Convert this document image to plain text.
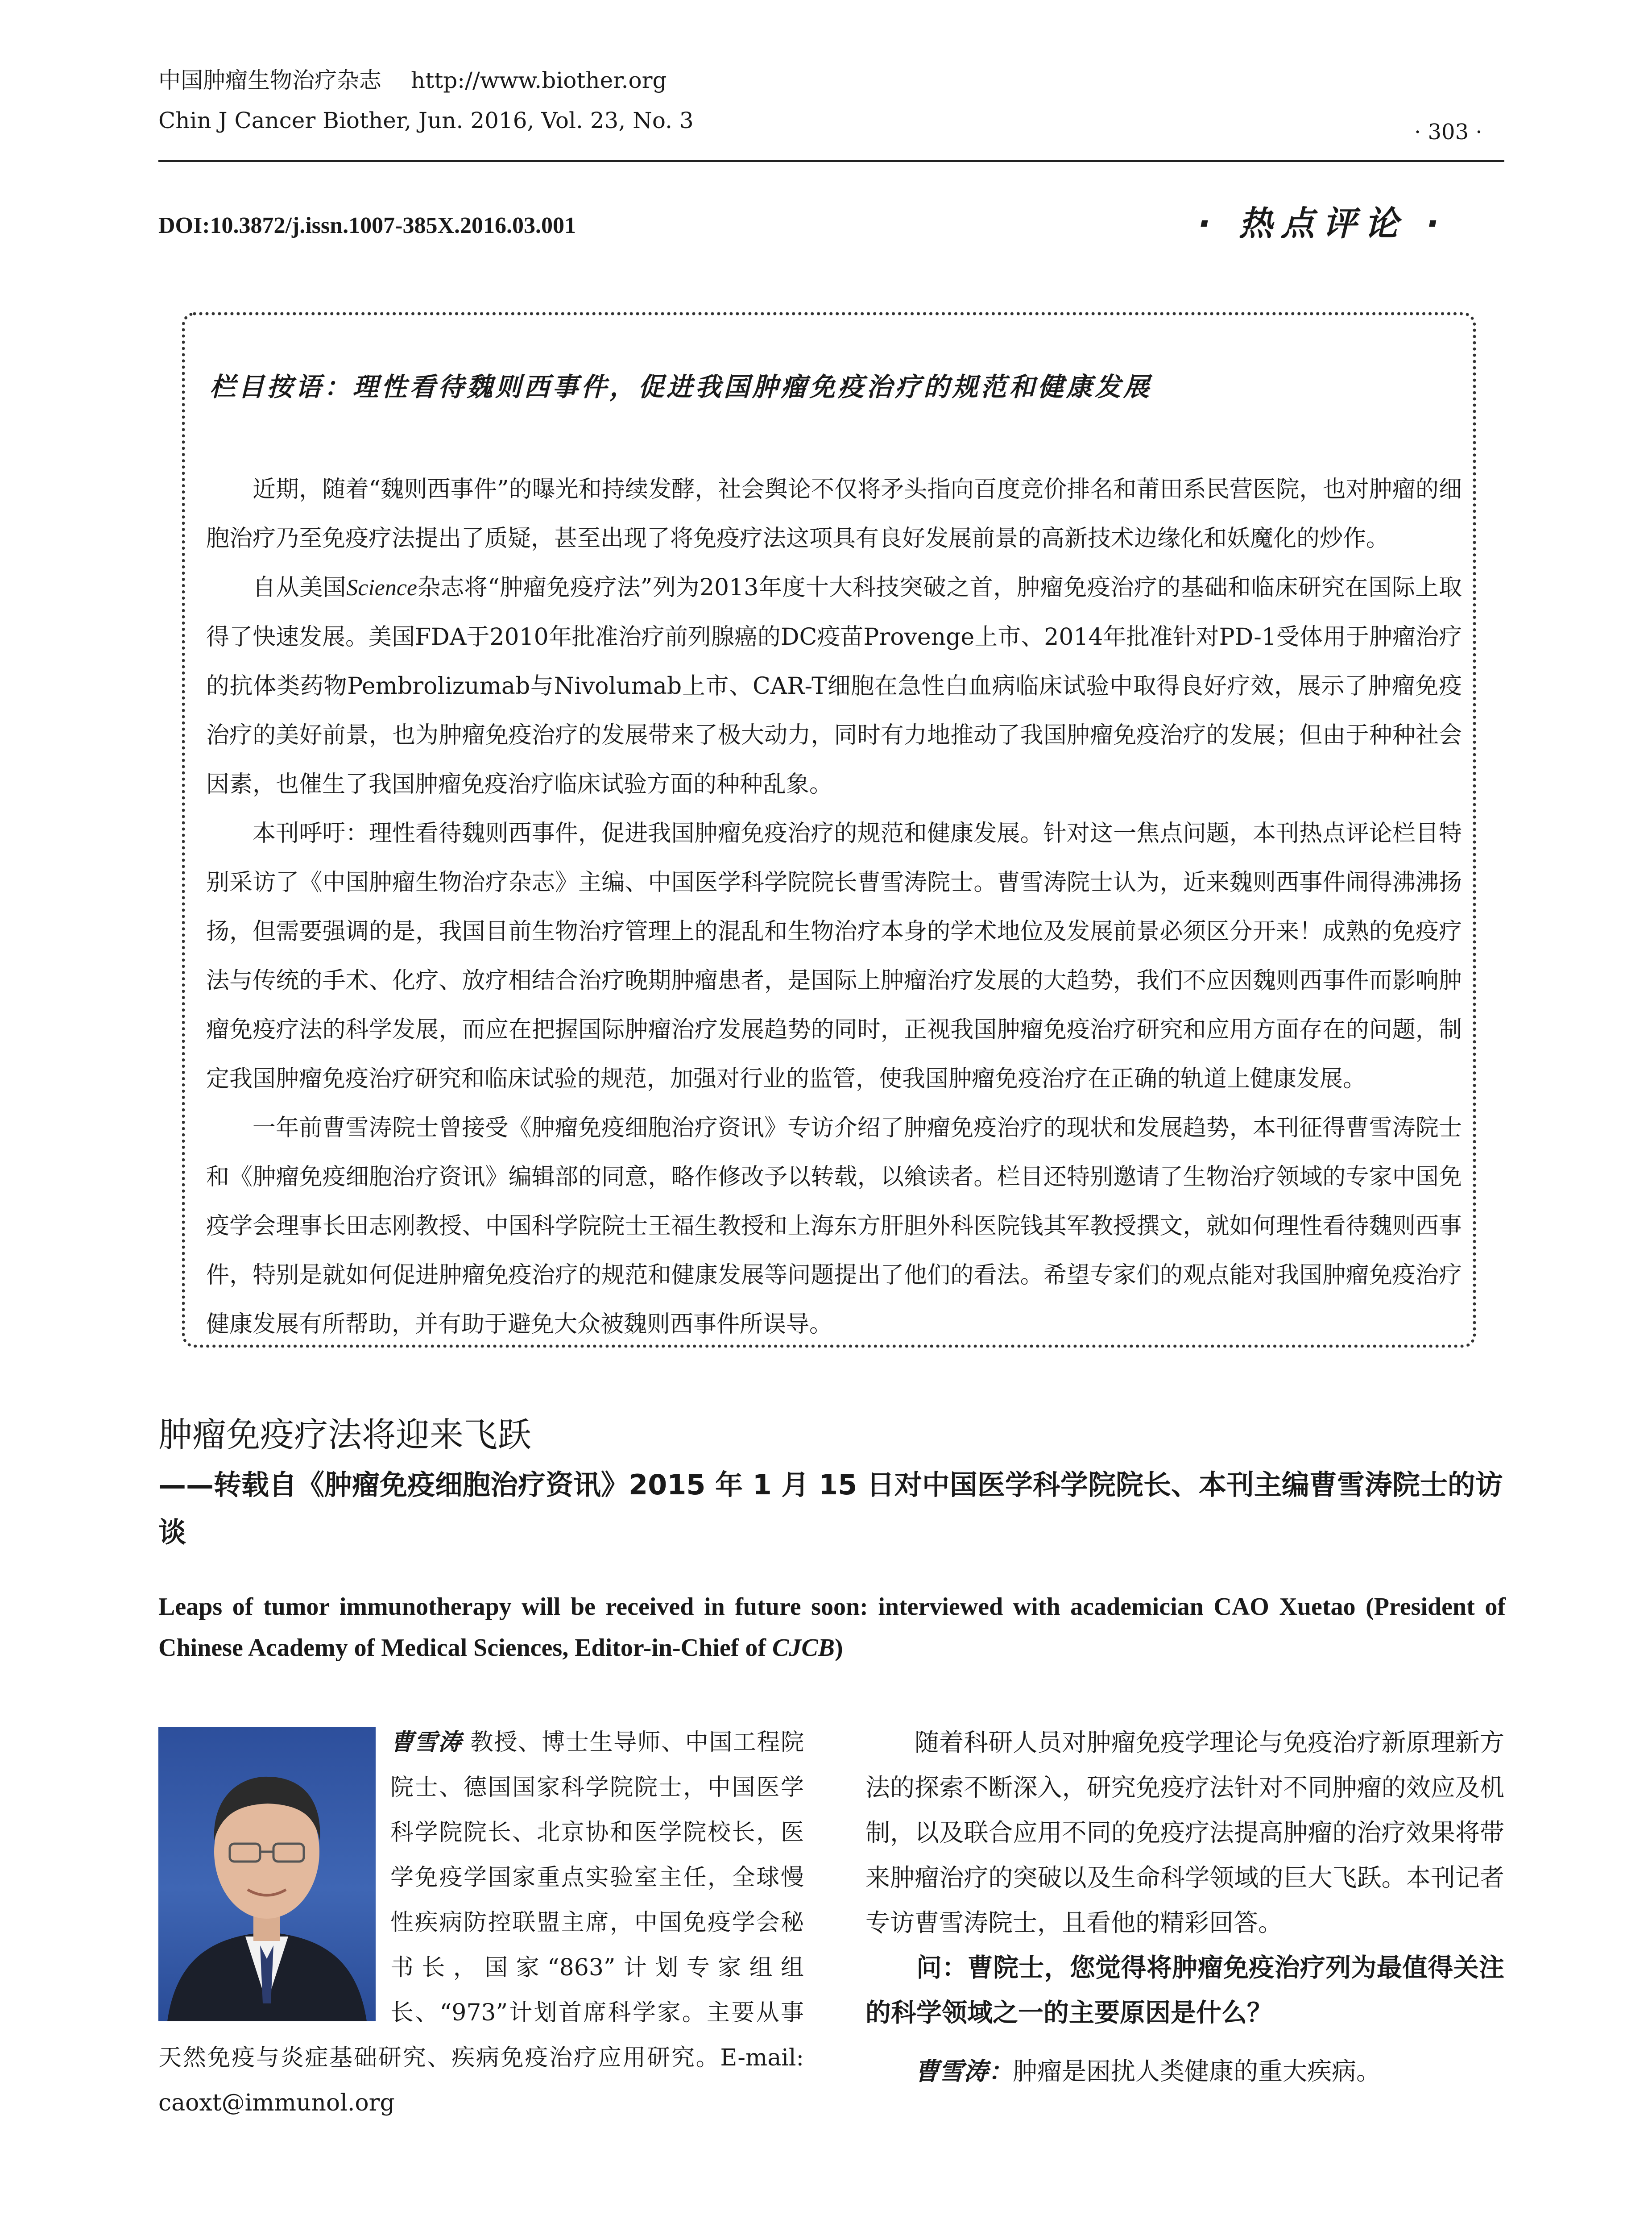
中国肿瘤生物治疗杂志 http://www.biother.org
Chin J Cancer Biother, Jun. 2016, Vol. 23, No. 3	· 303 ·
DOI:10.3872/j.issn.1007-385X.2016.03.001	· 热点评论 ·
栏目按语：理性看待魏则西事件，促进我国肿瘤免疫治疗的规范和健康发展

近期，随着“魏则西事件”的曝光和持续发酵，社会舆论不仅将矛头指向百度竞价排名和莆田系民营医院，也对肿瘤的细胞治疗乃至免疫疗法提出了质疑，甚至出现了将免疫疗法这项具有良好发展前景的高新技术边缘化和妖魔化的炒作。

自从美国Science杂志将“肿瘤免疫疗法”列为2013年度十大科技突破之首，肿瘤免疫治疗的基础和临床研究在国际上取得了快速发展。美国FDA于2010年批准治疗前列腺癌的DC疫苗Provenge上市、2014年批准针对PD-1受体用于肿瘤治疗的抗体类药物Pembrolizumab与Nivolumab上市、CAR-T细胞在急性白血病临床试验中取得良好疗效，展示了肿瘤免疫治疗的美好前景，也为肿瘤免疫治疗的发展带来了极大动力，同时有力地推动了我国肿瘤免疫治疗的发展；但由于种种社会因素，也催生了我国肿瘤免疫治疗临床试验方面的种种乱象。

本刊呼吁：理性看待魏则西事件，促进我国肿瘤免疫治疗的规范和健康发展。针对这一焦点问题，本刊热点评论栏目特别采访了《中国肿瘤生物治疗杂志》主编、中国医学科学院院长曹雪涛院士。曹雪涛院士认为，近来魏则西事件闹得沸沸扬扬，但需要强调的是，我国目前生物治疗管理上的混乱和生物治疗本身的学术地位及发展前景必须区分开来！成熟的免疫疗法与传统的手术、化疗、放疗相结合治疗晚期肿瘤患者，是国际上肿瘤治疗发展的大趋势，我们不应因魏则西事件而影响肿瘤免疫疗法的科学发展，而应在把握国际肿瘤治疗发展趋势的同时，正视我国肿瘤免疫治疗研究和应用方面存在的问题，制定我国肿瘤免疫治疗研究和临床试验的规范，加强对行业的监管，使我国肿瘤免疫治疗在正确的轨道上健康发展。

一年前曹雪涛院士曾接受《肿瘤免疫细胞治疗资讯》专访介绍了肿瘤免疫治疗的现状和发展趋势，本刊征得曹雪涛院士和《肿瘤免疫细胞治疗资讯》编辑部的同意，略作修改予以转载，以飨读者。栏目还特别邀请了生物治疗领域的专家中国免疫学会理事长田志刚教授、中国科学院院士王福生教授和上海东方肝胆外科医院钱其军教授撰文，就如何理性看待魏则西事件，特别是就如何促进肿瘤免疫治疗的规范和健康发展等问题提出了他们的看法。希望专家们的观点能对我国肿瘤免疫治疗健康发展有所帮助，并有助于避免大众被魏则西事件所误导。

肿瘤免疫疗法将迎来飞跃
——转载自《肿瘤免疫细胞治疗资讯》2015 年 1 月 15 日对中国医学科学院院长、本刊主编曹雪涛院士的访谈
Leaps of tumor immunotherapy will be received in future soon: interviewed with academician CAO Xuetao (President of Chinese Academy of Medical Sciences, Editor-in-Chief of CJCB)
曹雪涛 教授、博士生导师、中国工程院院士、德国国家科学院院士，中国医学科学院院长、北京协和医学院校长，医学免疫学国家重点实验室主任，全球慢性疾病防控联盟主席，中国免疫学会秘书长，国家“863”计划专家组组长、“973”计划首席科学家。主要从事天然免疫与炎症基础研究、疾病免疫治疗应用研究。E-mail: caoxt@immunol.org

随着科研人员对肿瘤免疫学理论与免疫治疗新原理新方法的探索不断深入，研究免疫疗法针对不同肿瘤的效应及机制，以及联合应用不同的免疫疗法提高肿瘤的治疗效果将带来肿瘤治疗的突破以及生命科学领域的巨大飞跃。本刊记者专访曹雪涛院士，且看他的精彩回答。

问：曹院士，您觉得将肿瘤免疫治疗列为最值得关注的科学领域之一的主要原因是什么？

曹雪涛：肿瘤是困扰人类健康的重大疾病。
